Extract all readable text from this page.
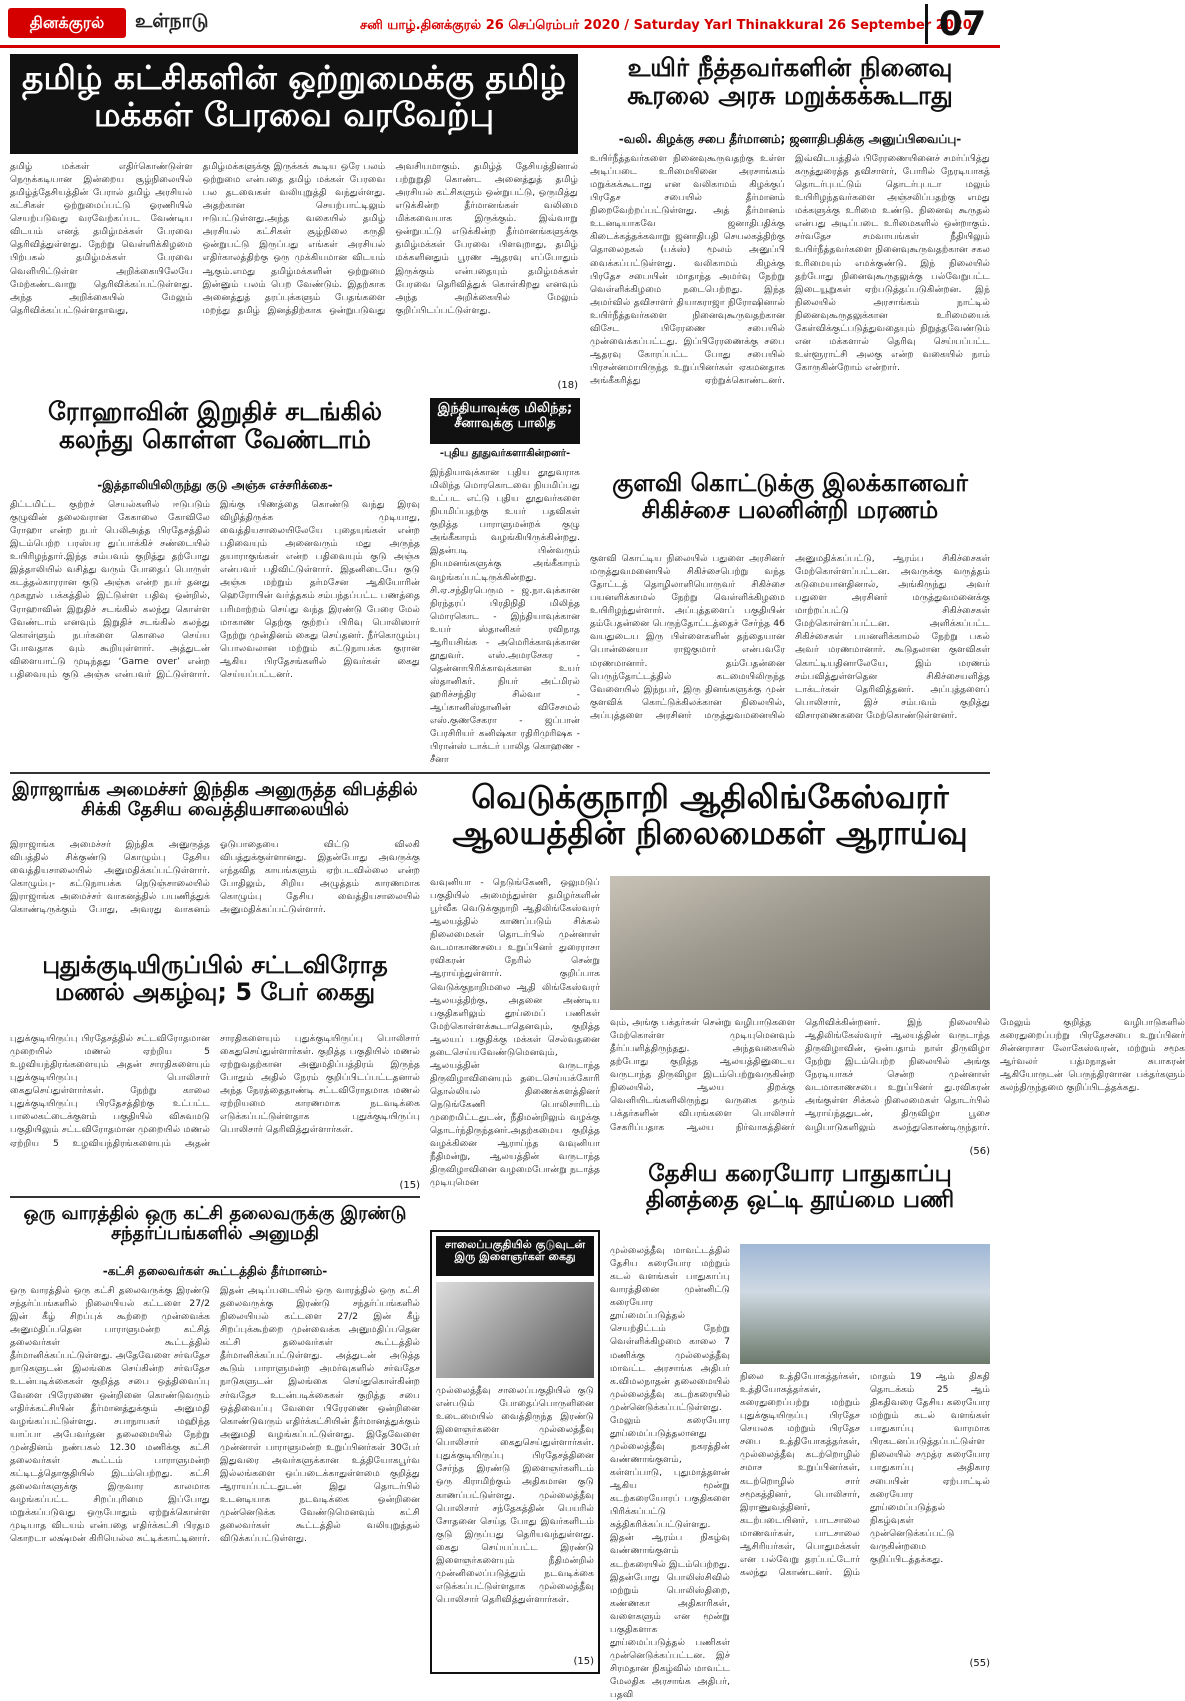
தினக்குரல்	உள்நாடு	சனி யாழ்.தினக்குரல் 26 செப்ரெம்பர் 2020 / Saturday Yarl Thinakkural 26 September 2020
07
தமிழ் கட்சிகளின் ஒற்றுமைக்கு தமிழ் மக்கள் பேரவை வரவேற்பு
தமிழ் மக்கள் எதிர்கொண்டுள்ள நெருக்கடியான இன்றைய சூழ்நிலையில் தமிழ்த்தேசியத்தின் பேரால் தமிழ் அரசியல் கட்சிகள் ஒற்றுமைப்பட்டு ஓரணியில் செயற்படுவது வரவேற்கப்பட வேண்டிய விடயம் எனத் தமிழ்மக்கள் பேரவை தெரிவித்துள்ளது. நேற்று வெள்ளிக்கிழமை பிற்பகல் தமிழ்மக்கள் பேரவை வெளியிட்டுள்ள அறிக்கையிலேயே மேற்கண்டவாறு தெரிவிக்கப்பட்டுள்ளது. அந்த அறிக்கையில் மேலும் தெரிவிக்கப்பட்டுள்ளதாவது, தமிழ்மக்களுக்கு இருக்கக் கூடிய ஒரே பலம் ஒற்றுமை என்பதை தமிழ் மக்கள் பேரவை பல தடவைகள் வலியுறுத்தி வந்துள்ளது. அதற்கான செயற்பாட்டிலும் ஈடுபட்டுள்ளது.அந்த வகையில் தமிழ் அரசியல் கட்சிகள் சூழ்நிலை கருதி ஒன்றுபட்டு இருப்பது எங்கள் அரசியல் எதிர்காலத்திற்கு ஒரு முக்கியமான விடயம் ஆகும்.எமது தமிழ்மக்களின் ஒற்றுமை இன்னும் பலம் பெற வேண்டும். இதற்காக அனைத்துத் தரப்புக்களும் பேதங்களை மறந்து தமிழ் இனத்திற்காக ஒன்றுபடுவது அவசியமாகும். தமிழ்த் தேசியத்தினால் பற்றுறுதி கொண்ட அனைத்துத் தமிழ் அரசியல் கட்சிகளும் ஒன்றுபட்டு, ஒருமித்து எடுக்கின்ற தீர்மானங்கள் வலிமை மிக்கவையாக இருக்கும். இவ்வாறு ஒன்றுபட்டு எடுக்கின்ற தீர்மானங்களுக்கு தமிழ்மக்கள் பேரவை பிளவுறாது, தமிழ் மக்களினதும் பூரண ஆதரவு எப்போதும் இருக்கும் என்பதையும் தமிழ்மக்கள் பேரவை தெரிவித்துக் கொள்கிறது எனவும் அந்த அறிக்கையில் மேலும் குறிப்பிடப்பட்டுள்ளது.
(18)
உயிர் நீத்தவர்களின் நினைவு கூரலை அரசு மறுக்கக்கூடாது
-வலி. கிழக்கு சபை தீர்மானம்; ஜனாதிபதிக்கு அனுப்பிவைப்பு-
உயிர்நீத்தவர்களை நினைவுகூருவதற்கு உள்ள அடிப்படை உரிமையினை அரசாங்கம் மறுக்கக்கூடாது என வலிகாமம் கிழக்குப் பிரதேச சபையில் தீர்மானம் நிறைவேற்றப்பட்டுள்ளது. அத் தீர்மானம் உடனடியாகவே ஜனாதிபதிக்கு கிடைக்கத்தக்கவாறு ஜனாதிபதி செயலகத்திற்கு தொலைநகல் (பக்ஸ்) மூலம் அனுப்பி வைக்கப்பட்டுள்ளது. வலிகாமம் கிழக்கு பிரதேச சபையின் மாதாந்த அமர்வு நேற்று வெள்ளிக்கிழமை நடைபெற்றது. இந்த அமர்வில் தவிசாளர் தியாகராஜா நிரோஷினால் உயிர்நீத்தவர்களை நினைவுகூருவதற்கான விசேட பிரேரணை சபையில் முன்வைக்கப்பட்டது. இப்பிரேரணைக்கு சபை ஆதரவு கோரப்பட்ட போது சபையில் பிரசன்னமாயிருந்த உறுப்பினர்கள் ஏகமனதாக அங்கீகரித்து ஏற்றுக்கொண்டனர். இவ்விடயத்தில் பிரேரணையினைச் சமர்ப்பித்து கருத்துரைத்த தவிசாளர், போரில் நேரடியாகத் தொடர்புபட்டும் தொடர்புபடா மலும் உயிரிழந்தவர்களை அஞ்சலிப்பதற்கு எமது மக்களுக்கு உரிமை உண்டு. நினைவு கூருதல் என்பது அடிப்படை உரிமைகளில் ஒன்றாகும். சர்வதேச சமவாயங்கள் நீதியிலும் உயிர்நீத்தவர்களை நினைவுகூருவதற்கான சகல உரிமையும் எமக்குண்டு. இந் நிலையில் தற்போது நினைவுகூருதலுக்கு பல்வேறுபட்ட இடையூறுகள் ஏற்படுத்தப்படுகின்றன. இந் நிலையில் அரசாங்கம் நாட்டில் நினைவுகூருதலுக்கான உரிமையைக் கேள்விக்குட்படுத்துவதையும் நிறுத்தவேண்டும் என மக்களால் தெரிவு செய்யப்பட்ட உள்ளூராட்சி அலகு என்ற வகையில் நாம் கோருகின்றோம் என்றார்.
ரோஹாவின் இறுதிச் சடங்கில் கலந்து கொள்ள வேண்டாம்
-இத்தாலியிலிருந்து குடு அஞ்சு எச்சரிக்கை-
திட்டமிட்ட குற்றச் செயல்களில் ஈடுபடும் குழுவின் தலைவரான கேகாலை கோவிலே ரோஹா என்ற நபர் பெலிஅத்த பிரதேசத்தில் இடம்பெற்ற பரஸ்பர துப்பாக்கிச் சண்டையில் உயிரிழந்தார்.இந்த சம்பவம் குறித்து தற்போது இத்தாலியில் வசித்து வரும் போதைப் பொருள் கடத்தல்காரரான குடு அஞ்சு என்ற நபர் தனது முகநூல் பக்கத்தில் இட்டுள்ள பதிவு ஒன்றில், ரோஹாவின் இறுதிச் சடங்கில் கலந்து கொள்ள வேண்டாம் எனவும் இறுதிச் சடங்கில் கலந்து கொள்ளும் நபர்களை கொலை செய்ய போவதாக வும் கூறியுள்ளார். அத்துடன் விளையாட்டு முடிந்தது ‘Game over’ என்ற பதிவையும் குடு அஞ்சு என்பவர் இட்டுள்ளார். இங்கு பிணத்தை கொண்டு வந்து இரவு விழித்திருக்க முடியாது, வைத்தியசாலையிலேயே புதையுங்கள் என்ற பதிவையும் அனைவரும் மது அருந்த தயாராகுங்கள் என்ற பதிவையும் குடு அஞ்சு என்பவர் பதிவிட்டுள்ளார். இதனிடையே குடு அஞ்சு மற்றும் தர்மசேன ஆகியோரின் ஹெரோயின் வர்த்தகம் சம்பந்தப்பட்ட பணத்தை பரிமாற்றம் செய்து வந்த இரண்டு பேரை மேல் மாகாண தெற்கு குற்றப் பிரிவு பொலிஸார் நேற்று முன்தினம் கைது செய்தனர். நீர்கொழும்பு பொலவலான மற்றும் கட்டுநாயக்க குரான ஆகிய பிரதேசங்களில் இவர்கள் கைது செய்யப்பட்டனர்.
இந்தியாவுக்கு மிலிந்த; சீனாவுக்கு பாலித
-புதிய தூதுவர்களாகின்றனர்-
இந்தியாவுக்கான புதிய தூதுவராக மிலிந்த மொரகொடவை நியமிப்பது உட்பட எட்டு புதிய தூதுவர்களை நியமிப்பதற்கு உயர் பதவிகள் குறித்த பாராளுமன்றக் குழு அங்கீகாரம் வழங்கியிருக்கின்றது. இதன்படி பின்வரும் நியமனங்களுக்கு அங்கீகாரம் வழங்கப்பட்டிருக்கின்றது. சி.ஏ.சந்திரபெரும - ஜ.நா.வுக்கான நிரந்தரப் பிரதிநிதி மிலிந்த மொரகொட - இந்தியாவுக்கான உயர் ஸ்தானிகர் ரவிநாத ஆரியசிங்க - அமெரிக்காவுக்கான தூதுவர். எஸ்.அமரசேகர - தென்னாபிரிக்காவுக்கான உயர் ஸ்தானிகர். நியர் அட்மிரல் ஹரிச்சந்திர சில்வா - ஆப்கானிஸ்தானின் விசேசமல் எஸ்.குணசேகரா - ஜப்பான் பேரசிரியர் கனிஷ்கா ரதிரிமுரிஷக - பிரான்ஸ் டாக்டர் பாலித கொஹண - சீனா
குளவி கொட்டுக்கு இலக்கானவர் சிகிச்சை பலனின்றி மரணம்
குளவி கொட்டிய நிலையில் பதுளை அரசினர் மருத்துவமனையில் சிகிச்சைபெற்று வந்த தோட்டத் தொழிலாளியொருவர் சிகிச்சை பயனளிக்காமல் நேற்று வெள்ளிக்கிழமை உயிரிழந்துள்ளார். அப்புத்தளைப் பகுதியின் தம்பேதன்னை பெருந்தோட்டத்தைச் சேர்ந்த 46 வயதுடைய இரு பிள்ளைகளின் தந்தையான பொன்னையா ராஜகுமார் என்பவரே மரணமானார். தம்பேதன்னை பெருந்தோட்டத்தில் கடமையிலிருந்த வேளையில் இந்நபர், இரு தினங்களுக்கு முன் குளவிக் கொட்டுக்கிலக்கான நிலையில், அப்புத்தளை அரசினர் மருத்துவமனையில் அனுமதிக்கப்பட்டு, ஆரம்ப சிகிச்சைகள் மேற்கொள்ளப்பட்டன. அவருக்கு வருத்தம் கடுமையானதினால், அங்கிருந்து அவர் பதுளை அரசினர் மருத்துவமனைக்கு மாற்றப்பட்டு சிகிச்சைகள் மேற்கொள்ளப்பட்டன. அளிக்கப்பட்ட சிகிச்சைகள் பயனளிக்காமல் நேற்று பகல் அவர் மரணமானார். கூடுதலான குளவிகள் கொட்டியதினாலேயே, இம் மரணம் சம்பவித்துள்ளதென சிகிச்சையளித்த டாக்டர்கள் தெரிவித்தனர். அப்புத்தளைப் பொலிசார், இச் சம்பவம் குறித்து விசாரணைகளை மேற்கொண்டுள்ளனர்.
இராஜாங்க அமைச்சர் இந்திக அனுருத்த விபத்தில் சிக்கி தேசிய வைத்தியசாலையில்
இராஜாங்க அமைச்சர் இந்திக அனுருத்த விபத்தில் சிக்குண்டு கொழும்பு தேசிய வைத்தியசாலையில் அனுமதிக்கப்பட்டுள்ளார். கொழும்பு- கட்டுநாயக்க நெடுஞ்சாலையில் இராஜாங்க அமைச்சர் வாகனத்தில் பயணித்துக் கொண்டிருக்கும் போது, அவரது வாகனம் ஓடுபாதையை விட்டு விலகி விபத்துக்குள்ளானது. இதன்போது அவருக்கு எந்தவித காயங்களும் ஏற்படவில்லை என்ற போதிலும், சிறிய அழுத்தம் காரணமாக கொழும்பு தேசிய வைத்தியசாலையில் அனுமதிக்கப்பட்டுள்ளார்.
வெடுக்குநாறி ஆதிலிங்கேஸ்வரர் ஆலயத்தின் நிலைமைகள் ஆராய்வு
வவுனியா - நெடுங்கேணி, ஒலுமடுப் பகுதியில் அமைந்துள்ள தமிழர்களின் பூர்வீக வெடுக்குநாறி ஆதிலிங்கேஸ்வரர் ஆலயத்தில் காணப்படும் சிக்கல் நிலைமைகள் தொடர்பில் முன்னாள் வடமாகாணசபை உறுப்பினர் துரைராசா ரவிகரன் நேரில் சென்று ஆராய்ந்துள்ளார். குறிப்பாக வெடுக்குநாறிமலை ஆதி லிங்கேஸ்வரர் ஆலயத்திற்கு, அதனை அண்டிய பகுதிகளிலும் தூய்மைப் பணிகள் மேற்கொள்ளக்கூடாதெனவும், குறித்த ஆலயப் பகுதிக்கு மக்கள் செல்வதனை தடைசெய்யவேண்டுமெனவும், ஆலயத்தின் வருடாந்த திருவிழாவினையும் தடைசெய்யக்கோரி தொல்லியல் திணைக்களத்தினர் நெடுங்கேணி பொலிசாரிடம் முறைமிட்டதுடன், நீதிமன்றிலும் வழக்கு தொடர்ந்திருந்தனர்.அதற்கமைய குறித்த வழக்கினை ஆராய்ந்த வவுனியா நீதிமன்று, ஆலயத்தின் வருடாந்த திருவிழாவினை வழமைபோன்று நடாத்த முடியுமென
வும், அங்கு பக்தர்கள் சென்று வழிபாடுகளை மேற்கொள்ள முடியுமெனவும் தீர்ப்பளித்திருந்தது. அந்தவகையில் தற்போது குறித்த ஆலயத்தினுடைய வருடாந்த திருவிழா இடம்பெற்றுவருகின்ற நிலையில், ஆலய திறக்கு வெளியிடங்களிலிருந்து வருகை தரும் பக்தர்களின் விபரங்களை பொலிசார் சேகரிப்பதாக ஆலய நிர்வாகத்தினர் தெரிவிக்கின்றனர். இந் நிலையில் ஆதிலிங்கேஸ்வரர் ஆலயத்தின் வருடாந்த திருவிழாவின், ஒன்பதாம் நாள் திருவிழா நேற்று இடம்பெற்ற நிலையில் அங்கு நேரடியாகச் சென்ற முன்னாள் வடமாகாணசபை உறுப்பினர் து.ரவிகரன் அங்குள்ள சிக்கல் நிலைமைகள் தொடர்பில் ஆராய்ந்ததுடன், திருவிழா பூசை வழிபாடுகளிலும் கலந்துகொண்டிருந்தார். மேலும் குறித்த வழிபாடுகளில் கரைதுறைப்பற்று பிரதேசசபை உறுப்பினர் சின்னராசா லோகேஸ்வரன், மற்றும் சமூக ஆர்வலர் பத்மநாதன் சுபாகரன் ஆகியோருடன் பெருந்திரளான பக்தர்களும் கலந்திருந்தமை குறிப்பிடத்தக்கது.
(56)
புதுக்குடியிருப்பில் சட்டவிரோத மணல் அகழ்வு; 5 பேர் கைது
புதுக்குடியிருப்பு பிரதேசத்தில் சட்டவிரோதமான முறையில் மணல் ஏற்றிய 5 உழவியந்திரங்களையும் அதன் சாரதிகளையும் புதுக்குடியிருப்பு பொலிசார் கைதுசெய்துள்ளார்கள். நேற்று காலை புதுக்குடியிருப்பு பிரதேசத்திற்கு உட்பட்ட பாலைகட்டைக்குளம் பகுதியில் விசுவமடு பகுதியிலும் சட்டவிரோதமான முறையில் மணல் ஏற்றிய 5 உழவியந்திரங்களையும் அதன் சாரதிகளையும் புதுக்குடியிருப்பு பொலிசார் கைதுசெய்துள்ளார்கள். குறித்த பகுதியில் மணல் ஏற்றுவதற்கான அனுமதிப்பத்திரம் இருந்த போதும் அதில் நேரம் குறிப்பிடப்பட்டதனால் அந்த நேரத்தைதாண்டி சட்டவிரோதமாக மணல் ஏற்றியமை காரணமாக நடவடிக்கை எடுக்கப்பட்டுள்ளதாக புதுக்குடியிருப்பு பொலிசார் தெரிவித்துள்ளார்கள்.
(15)
ஒரு வாரத்தில் ஒரு கட்சி தலைவருக்கு இரண்டு சந்தர்ப்பங்களில் அனுமதி
-கட்சி தலைவர்கள் கூட்டத்தில் தீர்மானம்-
ஒரு வாரத்தில் ஒரு கட்சி தலைவருக்கு இரண்டு சந்தர்ப்பங்களில் நிலையியல் கட்டளை 27/2 இன் கீழ் சிறப்புக் கூற்றை முன்வைக்க அனுமதிப்பதென பாராளுமன்ற கட்சித் தலைவர்கள் கூட்டத்தில் தீர்மானிக்கப்பட்டுள்ளது. அதேவேளை சர்வதேச நாடுகளுடன் இலங்கை செய்கின்ற சர்வதேச உடன்படிக்கைகள் குறித்த சபை ஒத்திவைப்பு வேளை பிரேரணை ஒன்றினை கொண்டுவரும் எதிர்க்கட்சியின் தீர்மானத்துக்கும் அனுமதி வழங்கப்பட்டுள்ளது. சபாநாயகர் மஹிந்த யாப்பா அபேவர்தன தலைமையில் நேற்று முன்தினம் நண்பகல் 12.30 மணிக்கு கட்சி தலைவர்கள் கூட்டம் பாராளுமன்ற கட்டிடத்தொகுதியில் இடம்பெற்றது. கட்சி தலைவர்களுக்கு இருவார காலமாக வழங்கப்பட்ட சிறப்புரிமை இப்போது மறுக்கப்படுவது ஒருபோதும் ஏற்றுக்கொள்ள முடியாத விடயம் என்பதை எதிர்க்கட்சி பிரதம கொறடா லக்ஷ்மன் கிரியெல்ல சுட்டிக்காட்டினார். இதன் அடிப்படையில் ஒரு வாரத்தில் ஒரு கட்சி தலைவருக்கு இரண்டு சந்தர்ப்பங்களில் நிலையியல் கட்டளை 27/2 இன் கீழ் சிறப்புக்கூற்றை முன்வைக்க அனுமதிப்பதென கட்சி தலைவர்கள் கூட்டத்தில் தீர்மானிக்கப்பட்டுள்ளது. அத்துடன் அடுத்த கூடும் பாராளுமன்ற அமர்வுகளில் சர்வதேச நாடுகளுடன் இலங்கை செய்துகொள்கின்ற சர்வதேச உடன்படிக்கைகள் குறித்த சபை ஒத்திவைப்பு வேளை பிரேரணை ஒன்றினை கொண்டுவரும் எதிர்க்கட்சியின் தீர்மானத்துக்கும் அனுமதி வழங்கப்பட்டுள்ளது. இதேவேளை முன்னாள் பாராளுமன்ற உறுப்பினர்கள் 30பேர் இதுவரை அவர்களுக்கான உத்தியோகபூர்வ இல்லங்களை ஒப்படைக்காதுள்ளமை குறித்து ஆராயப்பட்டதுடன் இது தொடர்பில் உடனடியாக நடவடிக்கை ஒன்றினை முன்னெடுக்க வேண்டுமெனவும் கட்சி தலைவர்கள் கூட்டத்தில் வலியுறுத்தல் விடுக்கப்பட்டுள்ளது.
சாலைப்பகுதியில் குடுவுடன் இரு இளைஞர்கள் கைது
முல்லைத்தீவு சாலைப்பகுதியில் குடு என்படும் போதைப்பொருளினை உடைமையில் வைத்திருந்த இரண்டு இளைஞர்களை முல்லைத்தீவு பொலிசார் கைதுசெய்துள்ளார்கள். புதுக்குடியிருப்பு பிரதேசத்தினை சேர்ந்த இரண்டு இளைஞர்களிடம் ஒரு கிராமிற்கும் அதிகமான குடு காணப்பட்டுள்ளது. முல்லைத்தீவு பொலிசார் சந்தேகத்தின் பெயரில் சோதனை செய்த போது இவர்களிடம் குடு இருப்பது தெரியவந்துள்ளது. கைது செய்யப்பட்ட இரண்டு இளைஞர்களையும் நீதிமன்றில் முன்னிலைப்படுத்தும் நடவடிக்கை எடுக்கப்பட்டுள்ளதாக முல்லைத்தீவு பொலிசார் தெரிவித்துள்ளார்கள்.
(15)
தேசிய கரையோர பாதுகாப்பு தினத்தை ஒட்டி தூய்மை பணி
முல்லைத்தீவு மாவட்டத்தில் தேசிய கரையோர மற்றும் கடல் வளங்கள் பாதுகாப்பு வாரத்தினை முன்னிட்டு கரையோர தூய்மைப்படுத்தல் செயற்திட்டம் நேற்று வெள்ளிக்கிழமை காலை 7 மணிக்கு முல்லைத்தீவு மாவட்ட அரசாங்க அதிபர் க.விமலநாதன் தலைமையில் முல்லைத்தீவு கடற்கரையில் முன்னெடுக்கப்பட்டுள்ளது. மேலும் கரையோர தூய்மைப்படுத்தலானது முல்லைத்தீவு நகரத்தின் வண்ணாங்குளம், கள்ளப்பாடு, புதுமாத்தளன் ஆகிய மூன்று கடற்கரையோரப் பகுதிகளை பிரிக்கப்பட்டு சுத்திகரிக்கப்பட்டுள்ளது. இதன் ஆரம்ப நிகழ்வு வண்ணாங்குளம் கடற்கரையில் இடம்பெற்றது. இதன்போது பொலிஸ்சிவில் மற்றும் பொலிஸ்திறை, கண்ணகா அதிகாரிகள், வளைகளும் என மூன்று பகுதிகளாக தூய்மைப்படுத்தல் பணிகள் முன்னெடுக்கப்பட்டன. இச் சிரமதான நிகழ்வில் மாவட்ட மேலதிக அரசாங்க அதிபர், பதவி
நிலை உத்தியோகத்தர்கள், உத்தியோகத்தர்கள், கரைதுறைப்பற்று மற்றும் புதுக்குடியிருப்பு பிரதேச செயலக மற்றும் பிரதேச சபை உத்தியோகத்தர்கள், முல்லைத்தீவு கடற்றொழில் சமாச உறுப்பினர்கள், கடற்றொழில் சார் சமூகத்தினர், பொலிசார், இராணுவத்தினர், கடற்படையினர், பாடசாலை மாணவர்கள், பாடசாலை ஆசிரியர்கள், பொதுமக்கள் என பல்வேறு தரப்பட்டோர் கலந்து கொண்டனர். இம் மாதம் 19 ஆம் திகதி தொடக்கம் 25 ஆம் திகதிவரை தேசிய கரையோர மற்றும் கடல் வளங்கள் பாதுகாப்பு வாரமாக பிரகடனப்படுத்தப்பட்டுள்ள நிலையில் சமுத்ர கரையோர பாதுகாப்பு அதிகார சபையின் ஏற்பாட்டில் கரையோர தூய்மைப்படுத்தல் நிகழ்வுகள் முன்னெடுக்கப்பட்டு வருகின்றமை குறிப்பிடத்தக்கது.
(55)
